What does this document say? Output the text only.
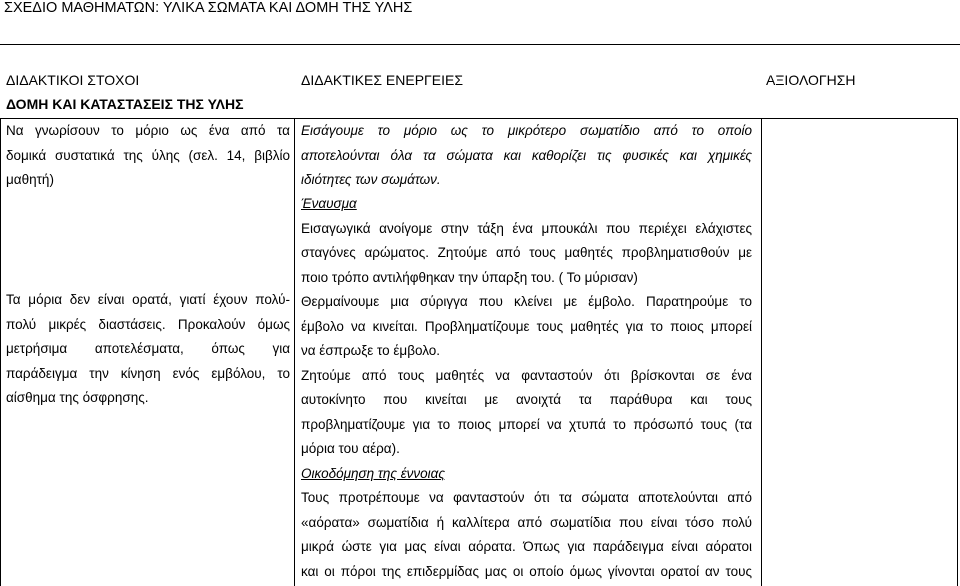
ΣΧΕΔΙΟ ΜΑΘΗΜΑΤΩΝ: ΥΛΙΚΑ ΣΩΜΑΤΑ ΚΑΙ ΔΟΜΗ ΤΗΣ ΥΛΗΣ
ΔΙΔΑΚΤΙΚΟΙ ΣΤΟΧΟΙ	ΔΙΔΑΚΤΙΚΕΣ ΕΝΕΡΓΕΙΕΣ	ΑΞΙΟΛΟΓΗΣΗ
ΔΟΜΗ ΚΑΙ ΚΑΤΑΣΤΑΣΕΙΣ ΤΗΣ ΥΛΗΣ
Να γνωρίσουν το μόριο ως ένα από τα
δομικά συστατικά της ύλης (σελ. 14, βιβλίο
μαθητή)
Τα μόρια δεν είναι ορατά, γιατί έχουν πολύ-
πολύ μικρές διαστάσεις. Προκαλούν όμως
μετρήσιμα αποτελέσματα, όπως για
παράδειγμα την κίνηση ενός εμβόλου, το
αίσθημα της όσφρησης.
Εισάγουμε το μόριο ως το μικρότερο σωματίδιο από το οποίο
αποτελούνται όλα τα σώματα και καθορίζει τις φυσικές και χημικές
ιδιότητες των σωμάτων.
Έναυσμα
Εισαγωγικά ανοίγομε στην τάξη ένα μπουκάλι που περιέχει ελάχιστες
σταγόνες αρώματος. Ζητούμε από τους μαθητές προβληματισθούν με
ποιο τρόπο αντιλήφθηκαν την ύπαρξη του. ( Το μύρισαν)
Θερμαίνουμε μια σύριγγα που κλείνει με έμβολο. Παρατηρούμε το
έμβολο να κινείται. Προβληματίζουμε τους μαθητές για το ποιος μπορεί
να έσπρωξε το έμβολο.
Ζητούμε από τους μαθητές να φανταστούν ότι βρίσκονται σε ένα
αυτοκίνητο που κινείται με ανοιχτά τα παράθυρα και τους
προβληματίζουμε για το ποιος μπορεί να χτυπά το πρόσωπό τους (τα
μόρια του αέρα).
Οικοδόμηση της έννοιας
Τους προτρέπουμε να φανταστούν ότι τα σώματα αποτελούνται από
«αόρατα» σωματίδια ή καλλίτερα από σωματίδια που είναι τόσο πολύ
μικρά ώστε για μας είναι αόρατα. Όπως για παράδειγμα είναι αόρατοι
και οι πόροι της επιδερμίδας μας οι οποίο όμως γίνονται ορατοί αν τους
